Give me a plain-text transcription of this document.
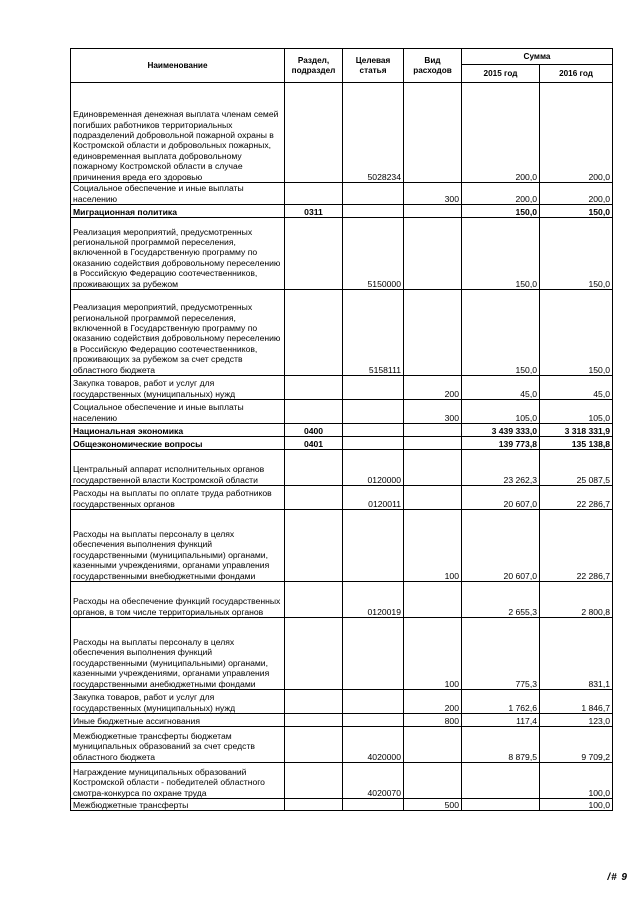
Наименование	Раздел, подраздел	Целевая статья	Вид расходов	Сумма	
				2015 год	2016 год
Единовременная денежная выплата членам семей погибших работников территориальных подразделений добровольной пожарной охраны в Костромской области и добровольных пожарных, единовременная выплата добровольному пожарному Костромской области в случае причинения вреда его здоровью		5028234		200,0	200,0
Социальное обеспечение и иные выплаты населению			300	200,0	200,0
Миграционная политика	0311			150,0	150,0
Реализация мероприятий, предусмотренных региональной программой переселения, включенной в Государственную программу по оказанию содействия добровольному переселению в Российскую Федерацию соотечественников, проживающих за рубежом		5150000		150,0	150,0
Реализация мероприятий, предусмотренных региональной программой переселения, включенной в Государственную программу по оказанию содействия добровольному переселению в Российскую Федерацию соотечественников, проживающих за рубежом за счет средств областного бюджета		5158111		150,0	150,0
Закупка товаров, работ и услуг для государственных (муниципальных) нужд			200	45,0	45,0
Социальное обеспечение и иные выплаты населению			300	105,0	105,0
Национальная экономика	0400			3 439 333,0	3 318 331,9
Общеэкономические вопросы	0401			139 773,8	135 138,8
Центральный аппарат исполнительных органов государственной власти Костромской области		0120000		23 262,3	25 087,5
Расходы на выплаты по оплате труда работников государственных органов		0120011		20 607,0	22 286,7
Расходы на выплаты персоналу в целях обеспечения выполнения функций государственными (муниципальными) органами, казенными учреждениями, органами управления государственными внебюджетными фондами			100	20 607,0	22 286,7
Расходы на обеспечение функций государственных органов, в том числе территориальных органов		0120019		2 655,3	2 800,8
Расходы на выплаты персоналу в целях обеспечения выполнения функций государственными (муниципальными) органами, казенными учреждениями, органами управления государственными анебюджетными фондами			100	775,3	831,1
Закупка товаров, работ и услуг для государственных (муниципальных) нужд			200	1 762,6	1 846,7
Иные бюджетные ассигнования			800	117,4	123,0
Межбюджетные трансферты бюджетам муниципальных образований за счет средств областного бюджета		4020000		8 879,5	9 709,2
Награждение муниципальных образований Костромской области - победителей областного смотра-конкурса по охране труда		4020070			100,0
Межбюджетные трансферты			500		100,0
/# 9
